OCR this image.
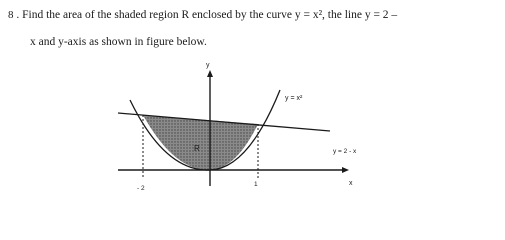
8 . Find the area of the shaded region R enclosed by the curve y = x², the line y = 2 –
x and y-axis as shown in figure below.
y
x
y = x²
y = 2 - x
R
- 2
1
